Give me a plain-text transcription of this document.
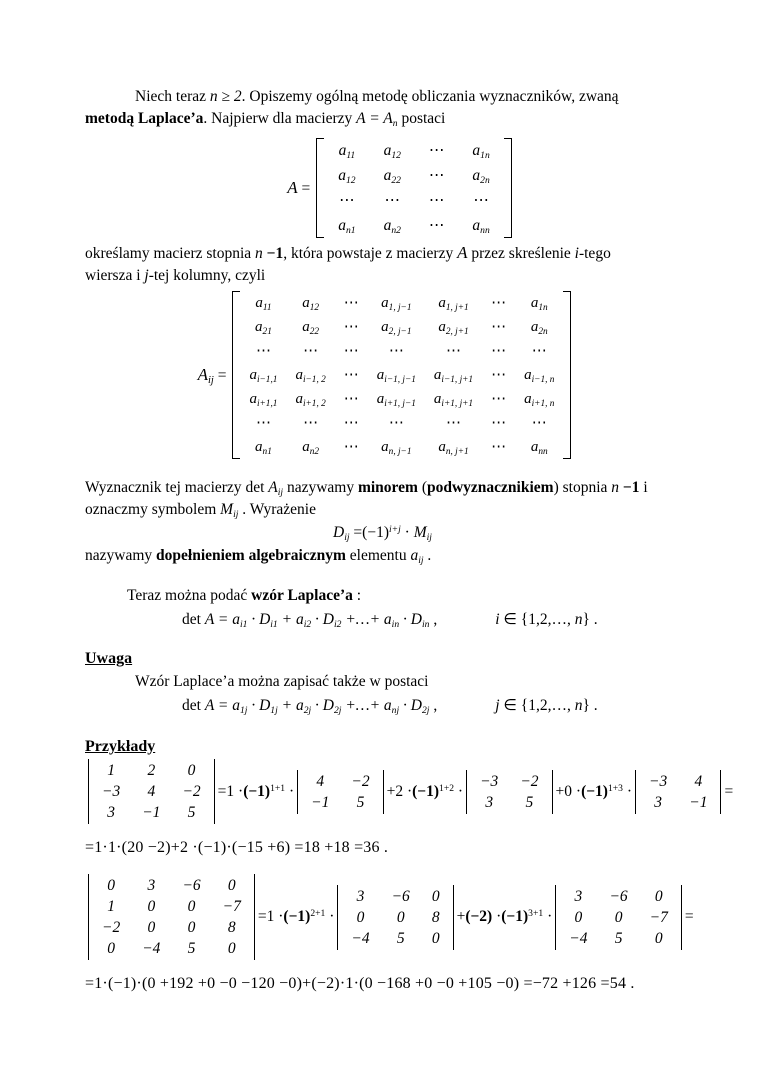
Niech teraz n ≥ 2. Opiszemy ogólną metodę obliczania wyznaczników, zwaną
metodą Laplace’a. Najpierw dla macierzy $A = A_n$ postaci
A =
$a_{11}$	$a_{12}$	⋯	$a_{1n}$
$a_{12}$	$a_{22}$	⋯	$a_{2n}$
⋯	⋯	⋯	⋯
$a_{n1}$	$a_{n2}$	⋯	$a_{nn}$
określamy macierz stopnia n −1, która powstaje z macierzy A przez skreślenie i-tego
wiersza i j-tej kolumny, czyli
$A_{ij}$ =
$a_{11}$	$a_{12}$	⋯	$a_{1, j-1}$	$a_{1, j+1}$	⋯	$a_{1n}$
$a_{21}$	$a_{22}$	⋯	$a_{2, j-1}$	$a_{2, j+1}$	⋯	$a_{2n}$
⋯	⋯	⋯	⋯	⋯	⋯	⋯
$a_{i-1,1}$	$a_{i-1, 2}$	⋯	$a_{i-1, j-1}$	$a_{i-1, j+1}$	⋯	$a_{i-1, n}$
$a_{i+1,1}$	$a_{i+1, 2}$	⋯	$a_{i+1, j-1}$	$a_{i+1, j+1}$	⋯	$a_{i+1, n}$
⋯	⋯	⋯	⋯	⋯	⋯	⋯
$a_{n1}$	$a_{n2}$	⋯	$a_{n, j-1}$	$a_{n, j+1}$	⋯	$a_{nn}$
Wyznacznik tej macierzy $\det A_{ij}$ nazywamy minorem (podwyznacznikiem) stopnia n −1 i
oznaczmy symbolem $M_{ij}$ . Wyrażenie
$D_{ij} =(-1)^{i+j} \cdot M_{ij}$
nazywamy dopełnieniem algebraicznym elementu $a_{ij}$ .
Teraz można podać wzór Laplace’a :
$\det A = a_{i1} \cdot D_{i1} + a_{i2} \cdot D_{i2}$ +…+ $a_{in} \cdot D_{in}$ ,	i ∈ {1,2,…, n} .
Uwaga
Wzór Laplace’a można zapisać także w postaci
$\det A = a_{1j} \cdot D_{1j} + a_{2j} \cdot D_{2j}$ +…+ $a_{nj} \cdot D_{2j}$ ,	j ∈ {1,2,…, n} .
Przykłady
1	2	0
−3	4	−2
3	−1	5
$=1 \cdot(-1)^{1+1}$ ·
4	−2
−1	5
$+2 \cdot(-1)^{1+2}$ ·
−3	−2
3	5
$+0 \cdot(-1)^{1+3}$ ·
−3	4
3	−1
=
=1·1·(20 −2)+2 ·(−1)·(−15 +6) =18 +18 =36 .
0	3	−6	0
1	0	0	−7
−2	0	0	8
0	−4	5	0
$=1 \cdot(-1)^{2+1}$ ·
3	−6	0
0	0	8
−4	5	0
$+(-2) \cdot(-1)^{3+1}$ ·
3	−6	0
0	0	−7
−4	5	0
=
=1·(−1)·(0 +192 +0 −0 −120 −0)+(−2)·1·(0 −168 +0 −0 +105 −0) =−72 +126 =54 .
